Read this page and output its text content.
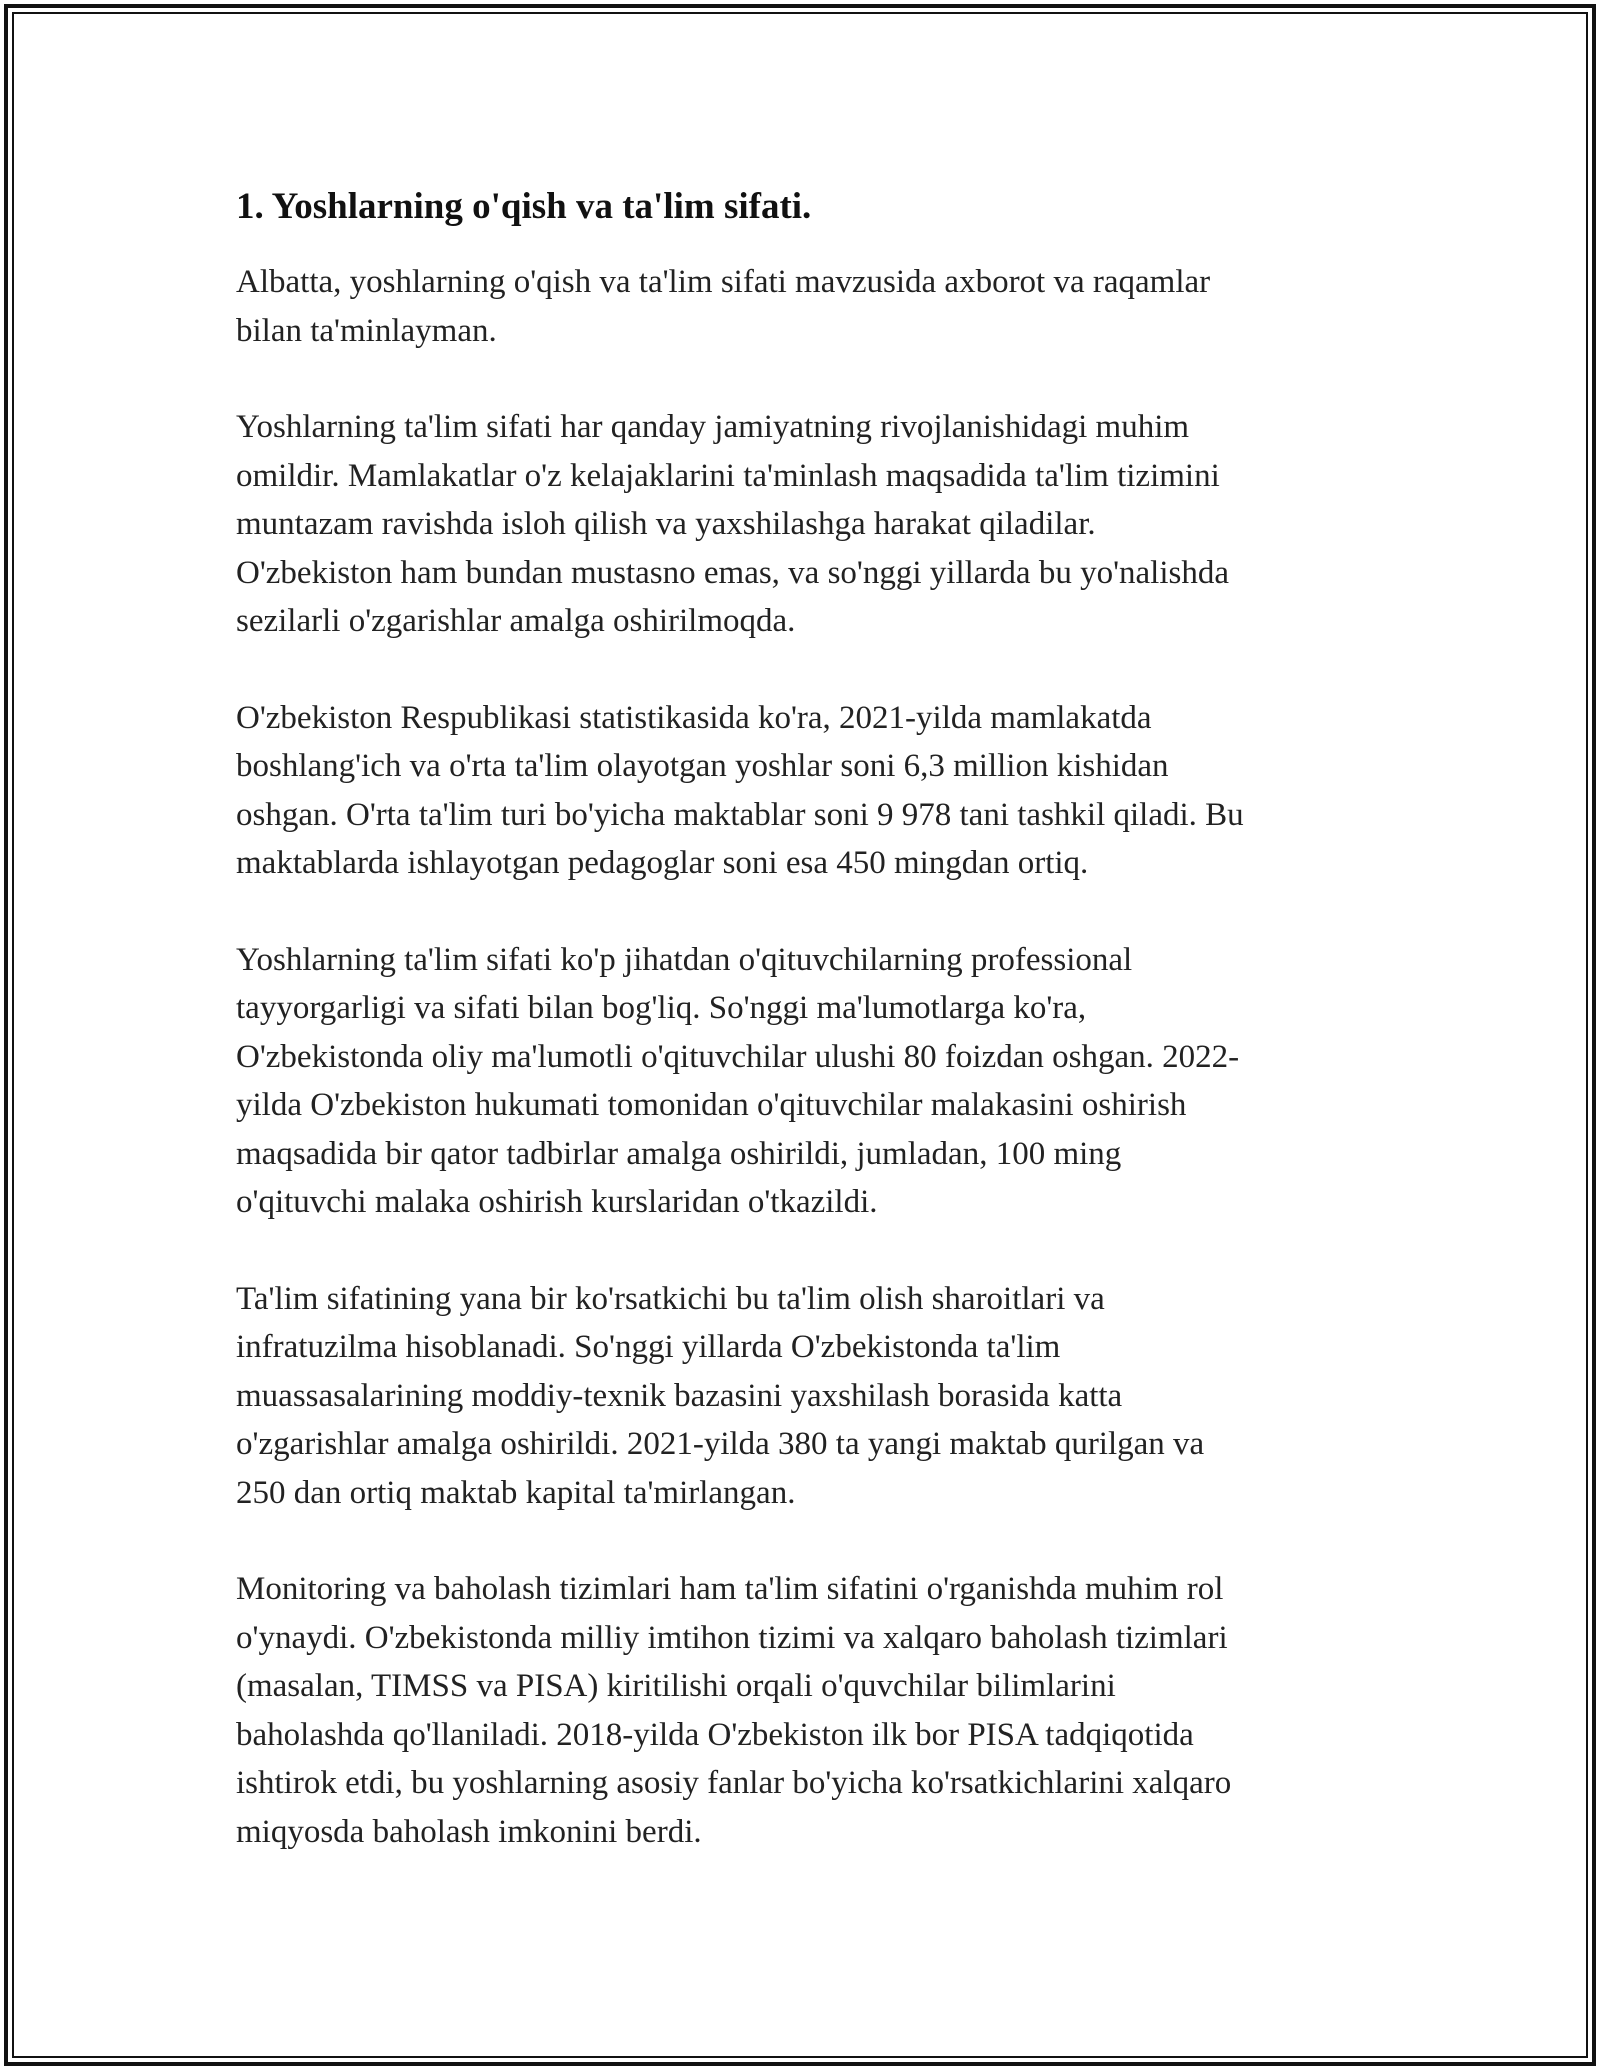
1. Yoshlarning o'qish va ta'lim sifati.

Albatta, yoshlarning o'qish va ta'lim sifati mavzusida axborot va raqamlar
bilan ta'minlayman.

Yoshlarning ta'lim sifati har qanday jamiyatning rivojlanishidagi muhim
omildir. Mamlakatlar o'z kelajaklarini ta'minlash maqsadida ta'lim tizimini
muntazam ravishda isloh qilish va yaxshilashga harakat qiladilar.
O'zbekiston ham bundan mustasno emas, va so'nggi yillarda bu yo'nalishda
sezilarli o'zgarishlar amalga oshirilmoqda.

O'zbekiston Respublikasi statistikasida ko'ra, 2021-yilda mamlakatda
boshlang'ich va o'rta ta'lim olayotgan yoshlar soni 6,3 million kishidan
oshgan. O'rta ta'lim turi bo'yicha maktablar soni 9 978 tani tashkil qiladi. Bu
maktablarda ishlayotgan pedagoglar soni esa 450 mingdan ortiq.

Yoshlarning ta'lim sifati ko'p jihatdan o'qituvchilarning professional
tayyorgarligi va sifati bilan bog'liq. So'nggi ma'lumotlarga ko'ra,
O'zbekistonda oliy ma'lumotli o'qituvchilar ulushi 80 foizdan oshgan. 2022-
yilda O'zbekiston hukumati tomonidan o'qituvchilar malakasini oshirish
maqsadida bir qator tadbirlar amalga oshirildi, jumladan, 100 ming
o'qituvchi malaka oshirish kurslaridan o'tkazildi.

Ta'lim sifatining yana bir ko'rsatkichi bu ta'lim olish sharoitlari va
infratuzilma hisoblanadi. So'nggi yillarda O'zbekistonda ta'lim
muassasalarining moddiy-texnik bazasini yaxshilash borasida katta
o'zgarishlar amalga oshirildi. 2021-yilda 380 ta yangi maktab qurilgan va
250 dan ortiq maktab kapital ta'mirlangan.

Monitoring va baholash tizimlari ham ta'lim sifatini o'rganishda muhim rol
o'ynaydi. O'zbekistonda milliy imtihon tizimi va xalqaro baholash tizimlari
(masalan, TIMSS va PISA) kiritilishi orqali o'quvchilar bilimlarini
baholashda qo'llaniladi. 2018-yilda O'zbekiston ilk bor PISA tadqiqotida
ishtirok etdi, bu yoshlarning asosiy fanlar bo'yicha ko'rsatkichlarini xalqaro
miqyosda baholash imkonini berdi.
